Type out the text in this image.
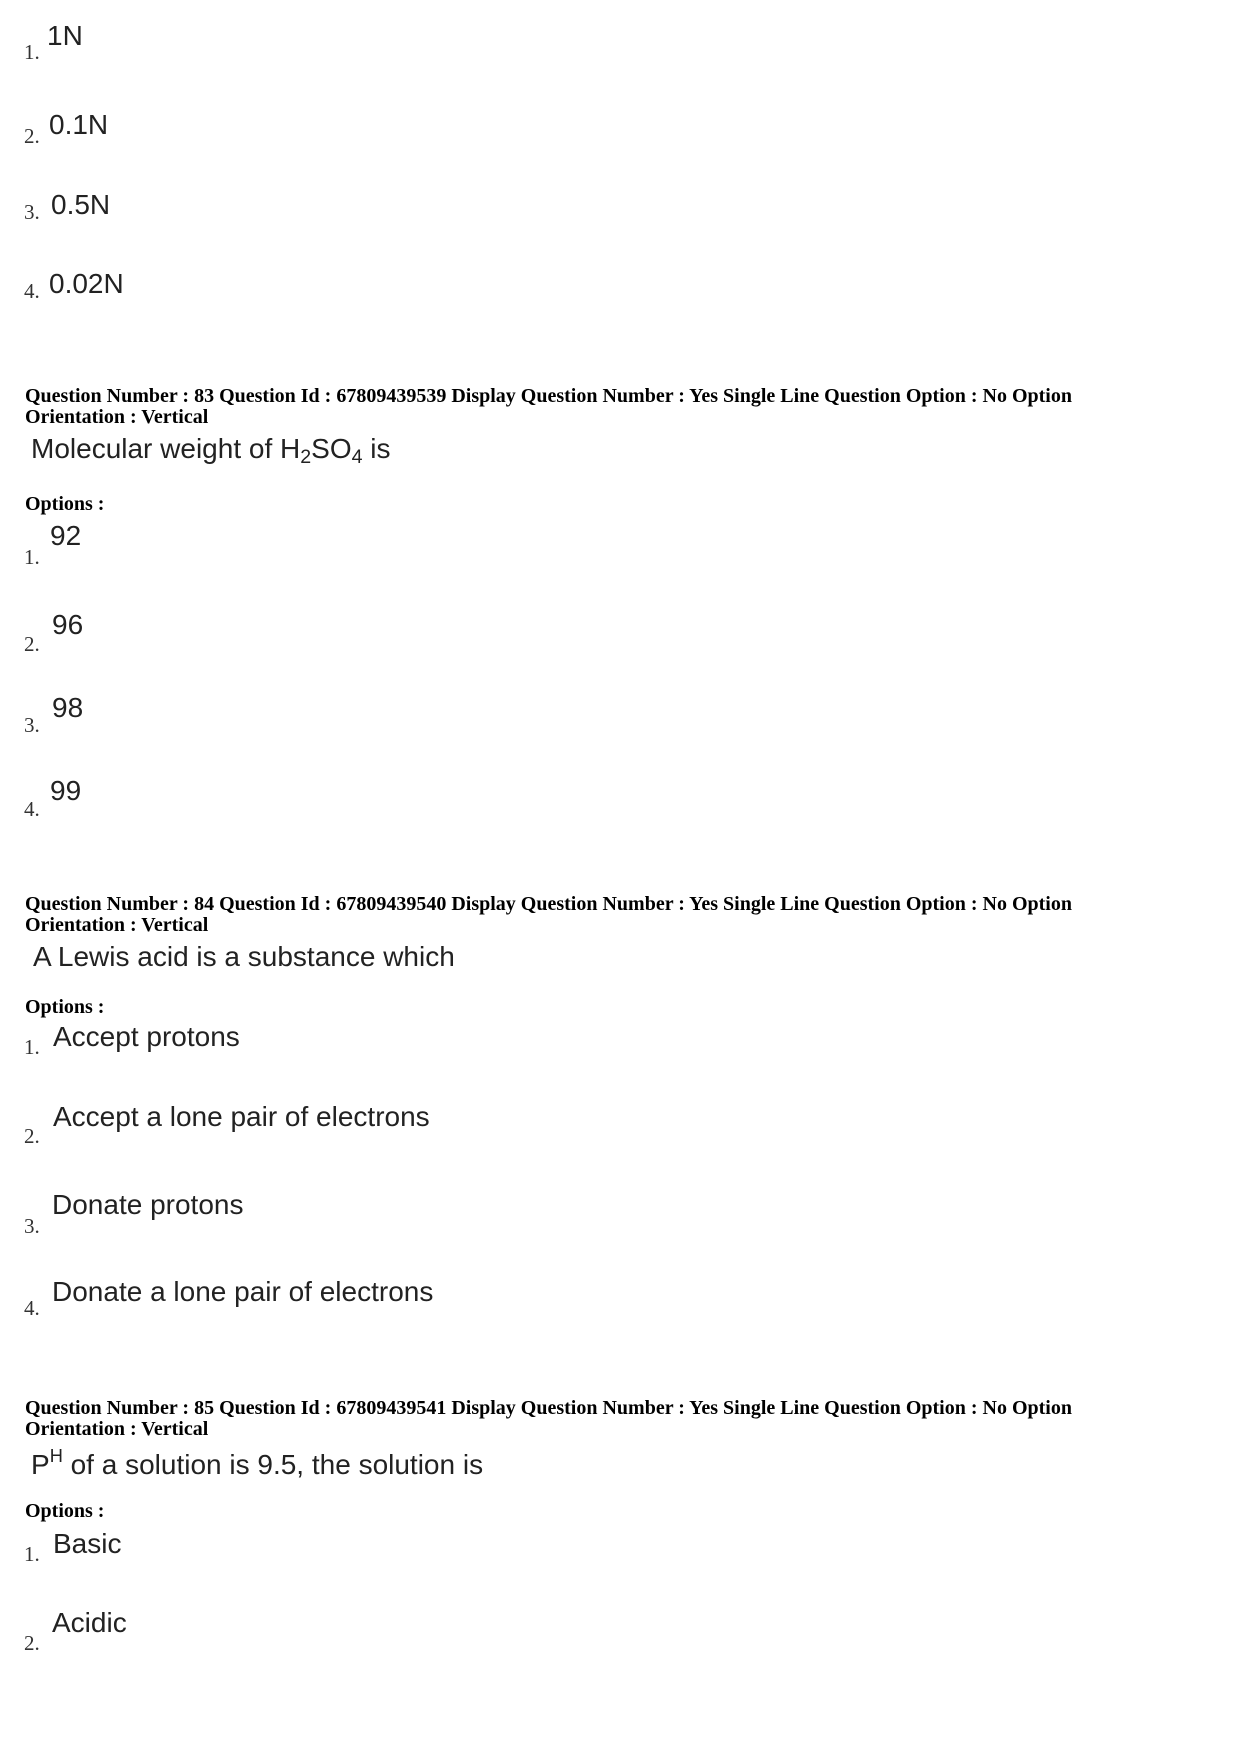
1.
1N
2. 0.1N
3. 0.5N
4. 0.02N
Question Number : 83 Question Id : 67809439539 Display Question Number : Yes Single Line Question Option : No Option
Orientation : Vertical
Molecular weight of $H_2SO_4$ is
Options :
1.
92
2.
96
3.
98
4.
99
Question Number : 84 Question Id : 67809439540 Display Question Number : Yes Single Line Question Option : No Option
Orientation : Vertical
A Lewis acid is a substance which
Options :
1. Accept protons
2.
Accept a lone pair of electrons
3.
Donate protons
4.
Donate a lone pair of electrons
Question Number : 85 Question Id : 67809439541 Display Question Number : Yes Single Line Question Option : No Option
Orientation : Vertical
$P^H$ of a solution is 9.5, the solution is
Options :
1. Basic
2.
Acidic
